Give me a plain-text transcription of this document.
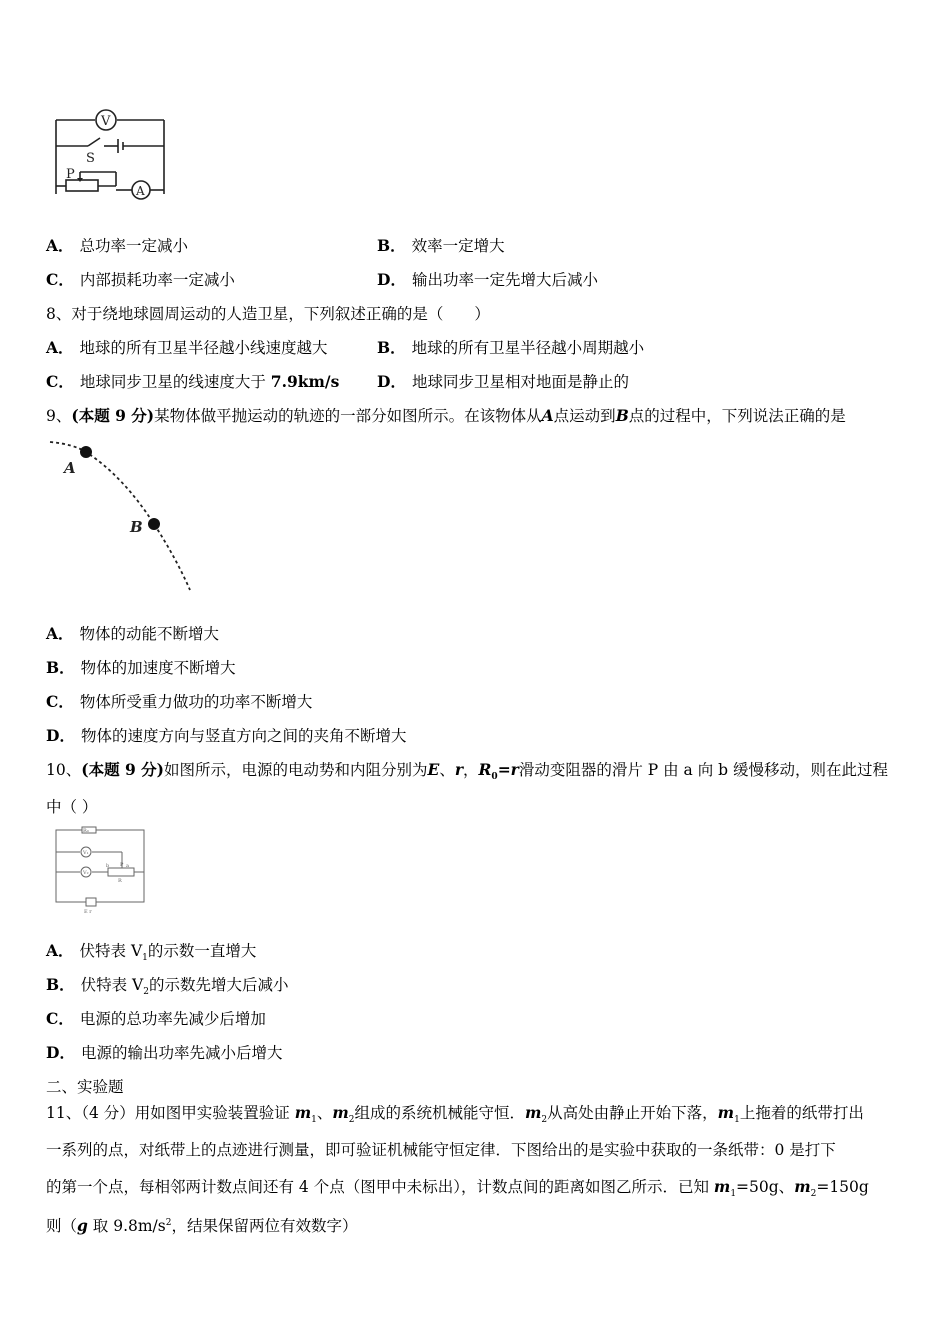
V
S
P
A
A． 总功率一定减小	B． 效率一定增大
C． 内部损耗功率一定减小	D． 输出功率一定先增大后减小
8、对于绕地球圆周运动的人造卫星，下列叙述正确的是（　　）
A． 地球的所有卫星半径越小线速度越大	B． 地球的所有卫星半径越小周期越小
C． 地球同步卫星的线速度大于 7.9km/s D． 地球同步卫星相对地面是静止的
9、(本题 9 分)某物体做平抛运动的轨迹的一部分如图所示。在该物体从A点运动到B点的过程中，下列说法正确的是
A
B
A． 物体的动能不断增大
B． 物体的加速度不断增大
C． 物体所受重力做功的功率不断增大
D． 物体的速度方向与竖直方向之间的夹角不断增大
10、(本题 9 分)如图所示，电源的电动势和内阻分别为E、r，$R_0=r$滑动变阻器的滑片 P 由 a 向 b 缓慢移动，则在此过程
中（ ）
R₀
V₁
V₂
P a
b
R
E r
A． 伏特表 $V_1$的示数一直增大
B． 伏特表 $V_2$的示数先增大后减小
C． 电源的总功率先减少后增加
D． 电源的输出功率先减小后增大
二、实验题
11、（4 分）用如图甲实验装置验证 $m_1$、$m_2$组成的系统机械能守恒．$m_2$从高处由静止开始下落，$m_1$上拖着的纸带打出
一系列的点，对纸带上的点迹进行测量，即可验证机械能守恒定律．下图给出的是实验中获取的一条纸带：0 是打下
的第一个点，每相邻两计数点间还有 4 个点（图甲中未标出），计数点间的距离如图乙所示．已知 $m_1=50g$、$m_2=150g$
则（g 取 $9.8m/s^2$，结果保留两位有效数字）
